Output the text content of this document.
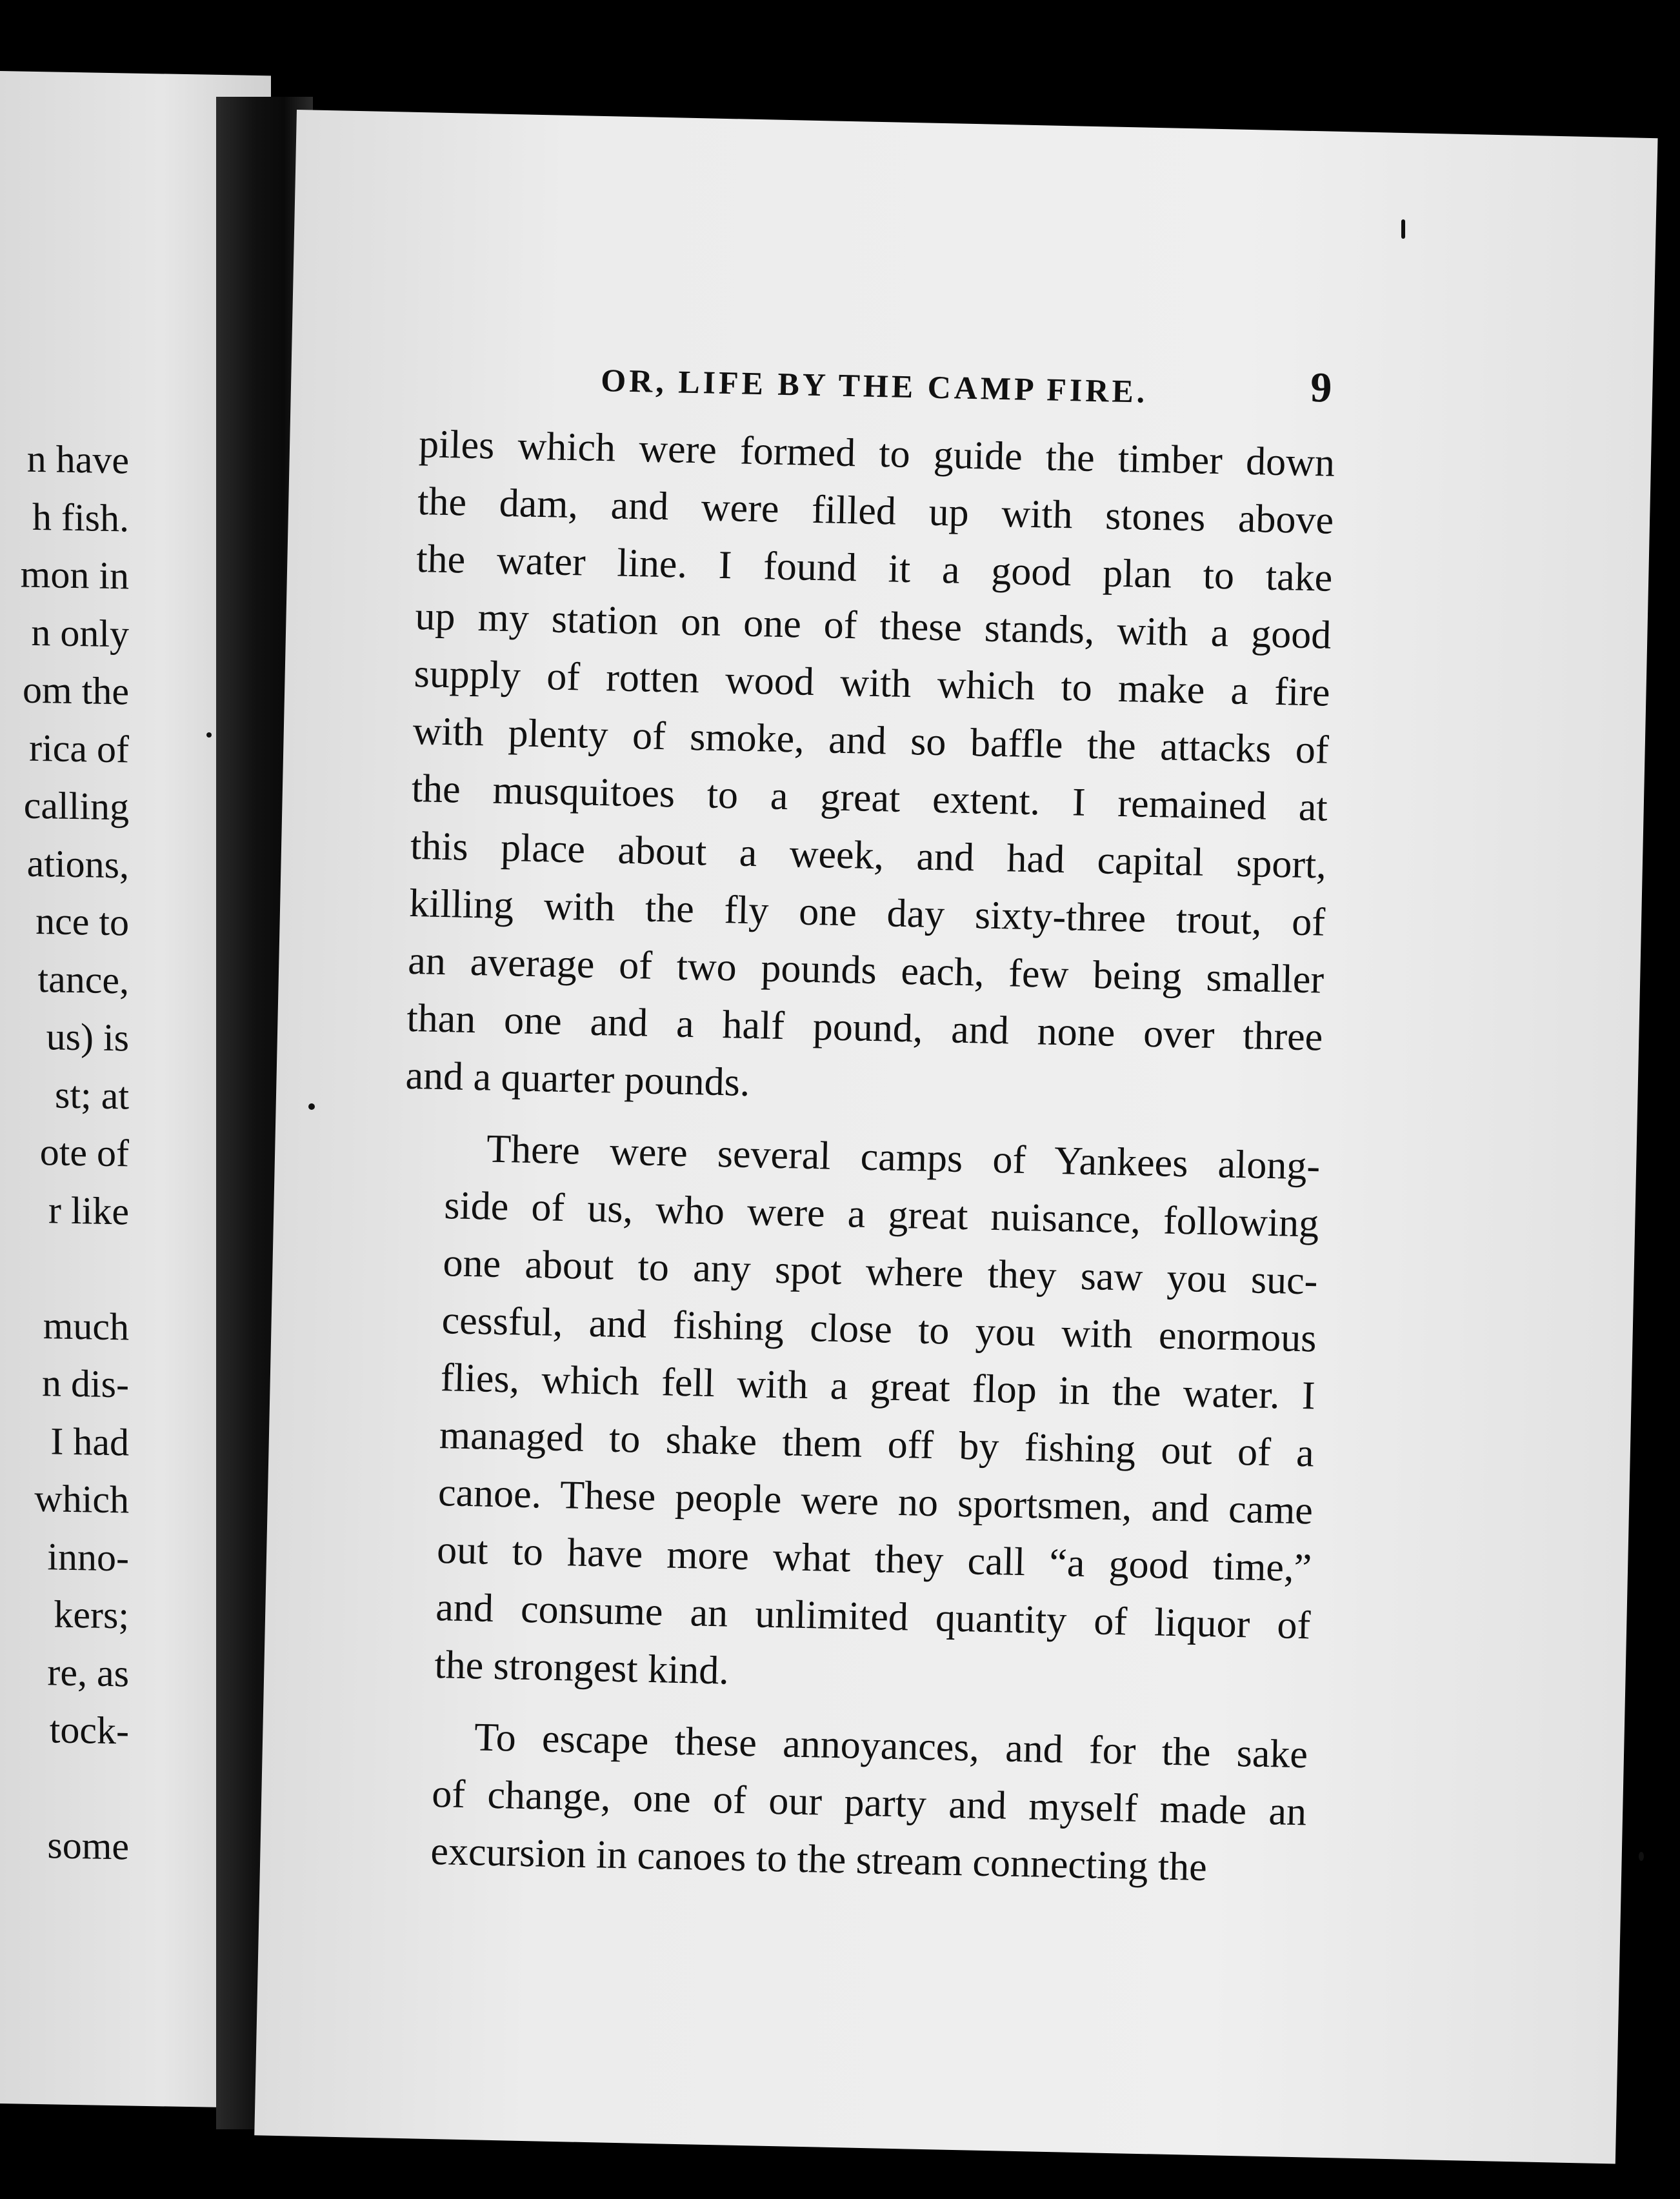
n have
h fish.
mon in
n only
om the
rica of
calling
ations,
nce to
tance,
us) is
st; at
ote of
r like
much
n dis-
I had
which
inno-
kers;
re, as
tock-
some
OR, LIFE BY THE CAMP FIRE.	9
piles which were formed to guide the timber down
the dam, and were filled up with stones above
the water line. I found it a good plan to take
up my station on one of these stands, with a good
supply of rotten wood with which to make a fire
with plenty of smoke, and so baffle the attacks of
the musquitoes to a great extent. I remained at
this place about a week, and had capital sport,
killing with the fly one day sixty-three trout, of
an average of two pounds each, few being smaller
than one and a half pound, and none over three
and a quarter pounds.
There were several camps of Yankees along-
side of us, who were a great nuisance, following
one about to any spot where they saw you suc-
cessful, and fishing close to you with enormous
flies, which fell with a great flop in the water. I
managed to shake them off by fishing out of a
canoe. These people were no sportsmen, and came
out to have more what they call “a good time,”
and consume an unlimited quantity of liquor of
the strongest kind.
To escape these annoyances, and for the sake
of change, one of our party and myself made an
excursion in canoes to the stream connecting the
